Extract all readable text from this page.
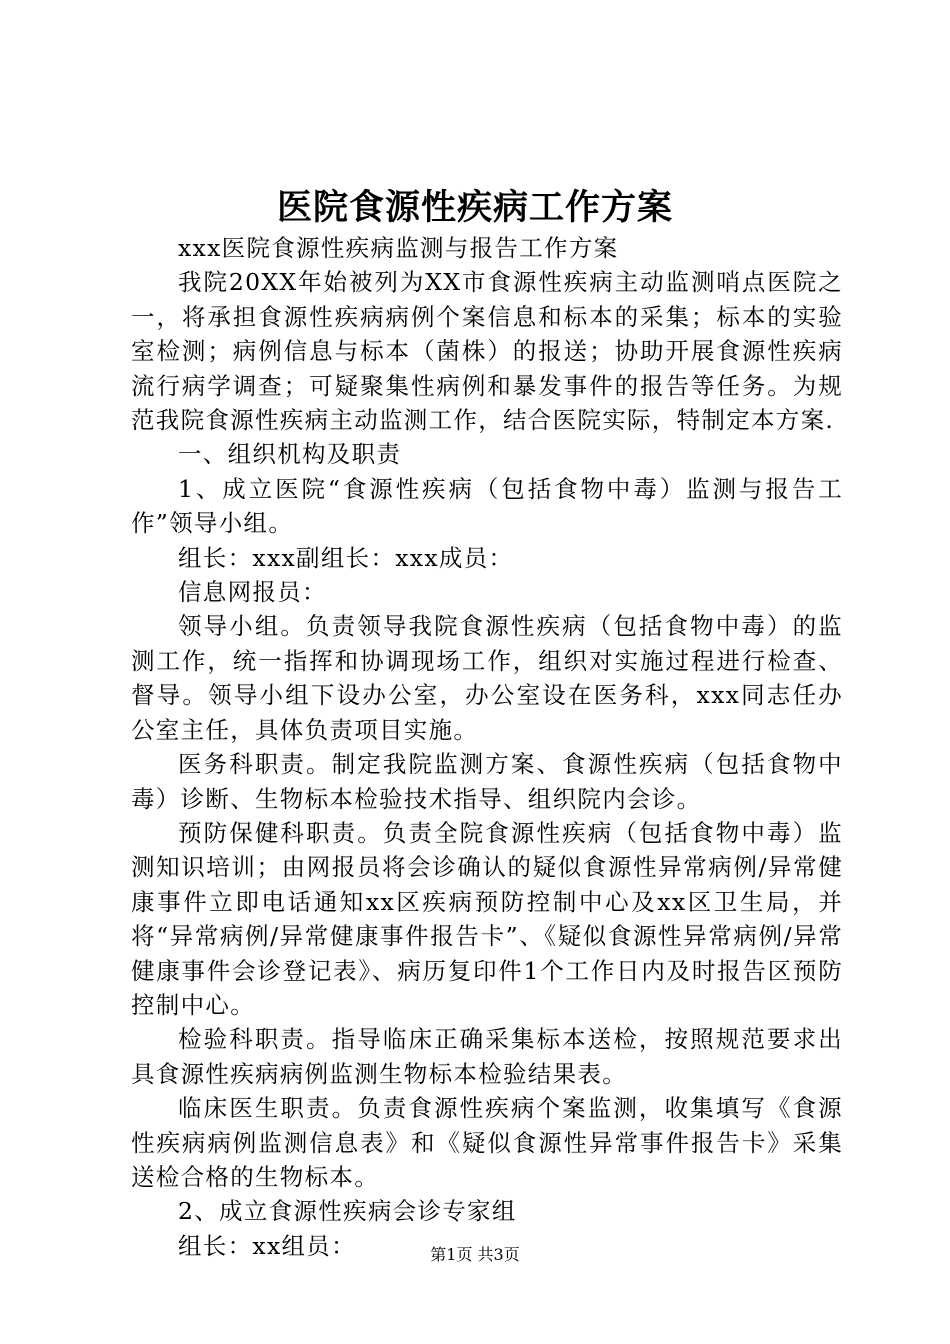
医院食源性疾病工作方案

xxx医院食源性疾病监测与报告工作方案

我院20XX年始被列为XX市食源性疾病主动监测哨点医院之一，将承担食源性疾病病例个案信息和标本的采集；标本的实验室检测；病例信息与标本（菌株）的报送；协助开展食源性疾病流行病学调查；可疑聚集性病例和暴发事件的报告等任务。为规范我院食源性疾病主动监测工作，结合医院实际，特制定本方案.

一、组织机构及职责

1、成立医院“食源性疾病（包括食物中毒）监测与报告工作”领导小组。

组长：xxx副组长：xxx成员：

信息网报员：

领导小组。负责领导我院食源性疾病（包括食物中毒）的监测工作，统一指挥和协调现场工作，组织对实施过程进行检查、督导。领导小组下设办公室，办公室设在医务科，xxx同志任办公室主任，具体负责项目实施。

医务科职责。制定我院监测方案、食源性疾病（包括食物中毒）诊断、生物标本检验技术指导、组织院内会诊。

预防保健科职责。负责全院食源性疾病（包括食物中毒）监测知识培训；由网报员将会诊确认的疑似食源性异常病例/异常健康事件立即电话通知xx区疾病预防控制中心及xx区卫生局，并将“异常病例/异常健康事件报告卡”、《疑似食源性异常病例/异常健康事件会诊登记表》、病历复印件1个工作日内及时报告区预防控制中心。

检验科职责。指导临床正确采集标本送检，按照规范要求出具食源性疾病病例监测生物标本检验结果表。

临床医生职责。负责食源性疾病个案监测，收集填写《食源性疾病病例监测信息表》和《疑似食源性异常事件报告卡》采集送检合格的生物标本。

2、成立食源性疾病会诊专家组

组长：xx组员：	第1页 共3页
